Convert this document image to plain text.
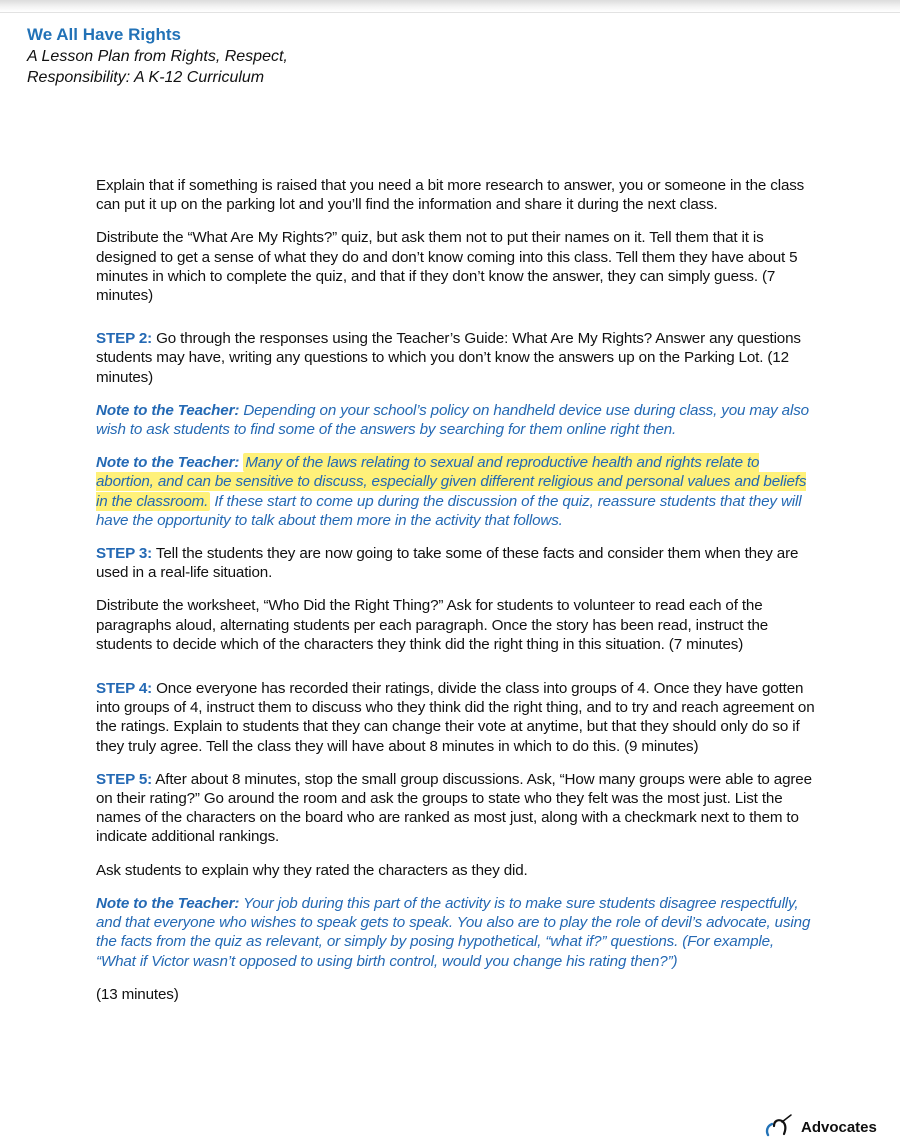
We All Have Rights

A Lesson Plan from Rights, Respect,

Responsibility: A K-12 Curriculum

Explain that if something is raised that you need a bit more research to answer, you or someone in the class can put it up on the parking lot and you’ll find the information and share it during the next class.

Distribute the “What Are My Rights?” quiz, but ask them not to put their names on it. Tell them that it is designed to get a sense of what they do and don’t know coming into this class. Tell them they have about 5 minutes in which to complete the quiz, and that if they don’t know the answer, they can simply guess. (7 minutes)

STEP 2: Go through the responses using the Teacher’s Guide: What Are My Rights? Answer any questions students may have, writing any questions to which you don’t know the answers up on the Parking Lot. (12 minutes)

Note to the Teacher: Depending on your school’s policy on handheld device use during class, you may also wish to ask students to find some of the answers by searching for them online right then.

Note to the Teacher: Many of the laws relating to sexual and reproductive health and rights relate to abortion, and can be sensitive to discuss, especially given different religious and personal values and beliefs in the classroom. If these start to come up during the discussion of the quiz, reassure students that they will have the opportunity to talk about them more in the activity that follows.

STEP 3: Tell the students they are now going to take some of these facts and consider them when they are used in a real-life situation.

Distribute the worksheet, “Who Did the Right Thing?” Ask for students to volunteer to read each of the paragraphs aloud, alternating students per each paragraph. Once the story has been read, instruct the students to decide which of the characters they think did the right thing in this situation. (7 minutes)

STEP 4: Once everyone has recorded their ratings, divide the class into groups of 4. Once they have gotten into groups of 4, instruct them to discuss who they think did the right thing, and to try and reach agreement on the ratings. Explain to students that they can change their vote at anytime, but that they should only do so if they truly agree. Tell the class they will have about 8 minutes in which to do this. (9 minutes)

STEP 5: After about 8 minutes, stop the small group discussions. Ask, “How many groups were able to agree on their rating?” Go around the room and ask the groups to state who they felt was the most just. List the names of the characters on the board who are ranked as most just, along with a checkmark next to them to indicate additional rankings.

Ask students to explain why they rated the characters as they did.

Note to the Teacher: Your job during this part of the activity is to make sure students disagree respectfully, and that everyone who wishes to speak gets to speak. You also are to play the role of devil’s advocate, using the facts from the quiz as relevant, or simply by posing hypothetical, “what if?” questions. (For example, “What if Victor wasn’t opposed to using birth control, would you change his rating then?”)

(13 minutes)

Advocates
